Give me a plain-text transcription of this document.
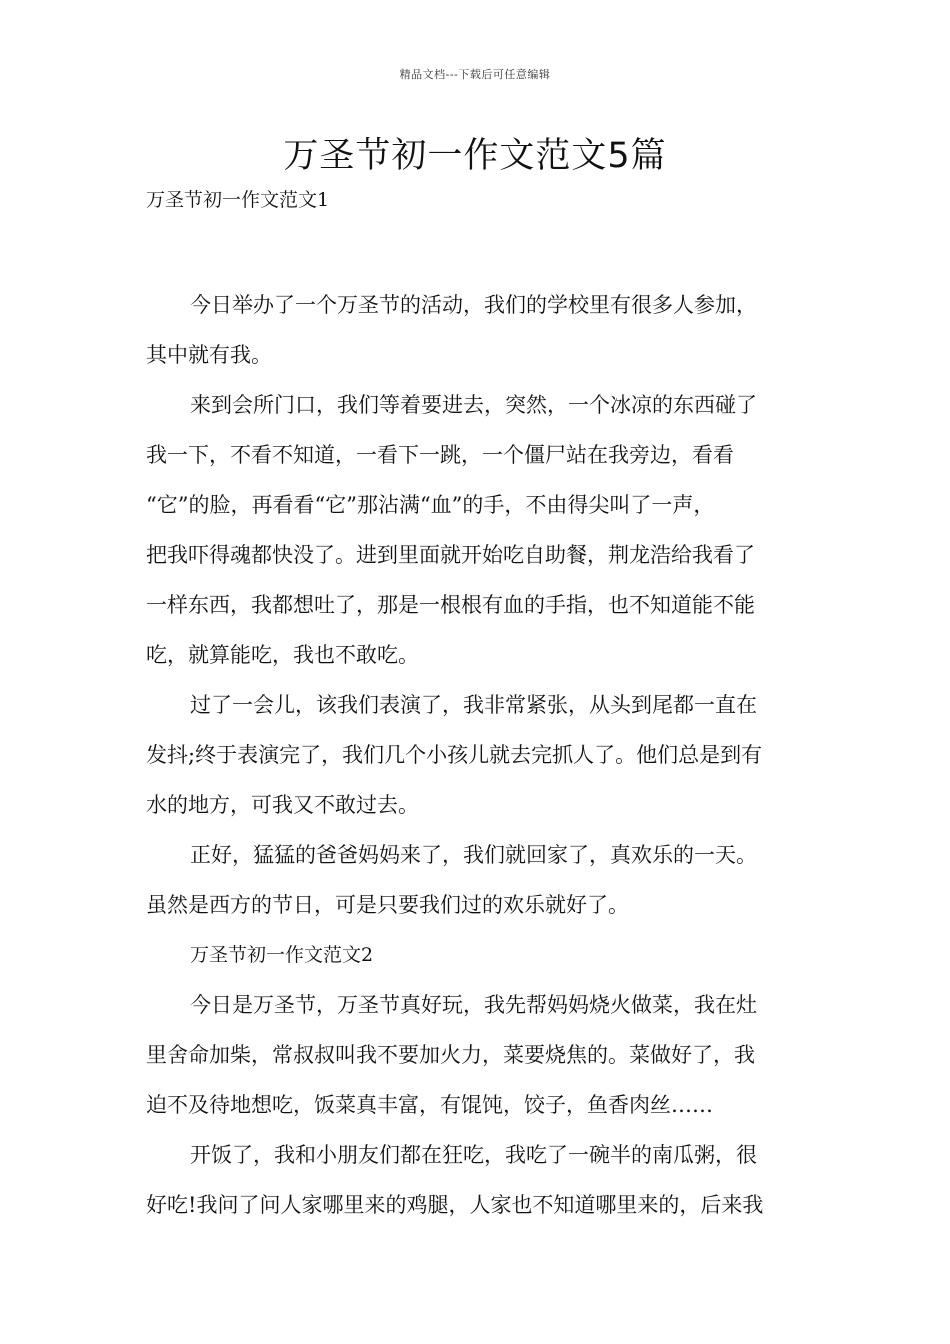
精品文档---下载后可任意编辑
万圣节初一作文范文5篇

万圣节初一作文范文1

今日举办了一个万圣节的活动，我们的学校里有很多人参加，
其中就有我。

来到会所门口，我们等着要进去，突然，一个冰凉的东西碰了
我一下，不看不知道，一看下一跳，一个僵尸站在我旁边，看看
“它”的脸，再看看“它”那沾满“血”的手，不由得尖叫了一声，
把我吓得魂都快没了。进到里面就开始吃自助餐，荆龙浩给我看了
一样东西，我都想吐了，那是一根根有血的手指，也不知道能不能
吃，就算能吃，我也不敢吃。

过了一会儿，该我们表演了，我非常紧张，从头到尾都一直在
发抖;终于表演完了，我们几个小孩儿就去完抓人了。他们总是到有
水的地方，可我又不敢过去。

正好，猛猛的爸爸妈妈来了，我们就回家了，真欢乐的一天。
虽然是西方的节日，可是只要我们过的欢乐就好了。

万圣节初一作文范文2

今日是万圣节，万圣节真好玩，我先帮妈妈烧火做菜，我在灶
里舍命加柴，常叔叔叫我不要加火力，菜要烧焦的。菜做好了，我
迫不及待地想吃，饭菜真丰富，有馄饨，饺子，鱼香肉丝……

开饭了，我和小朋友们都在狂吃，我吃了一碗半的南瓜粥，很
好吃!我问了问人家哪里来的鸡腿，人家也不知道哪里来的，后来我
